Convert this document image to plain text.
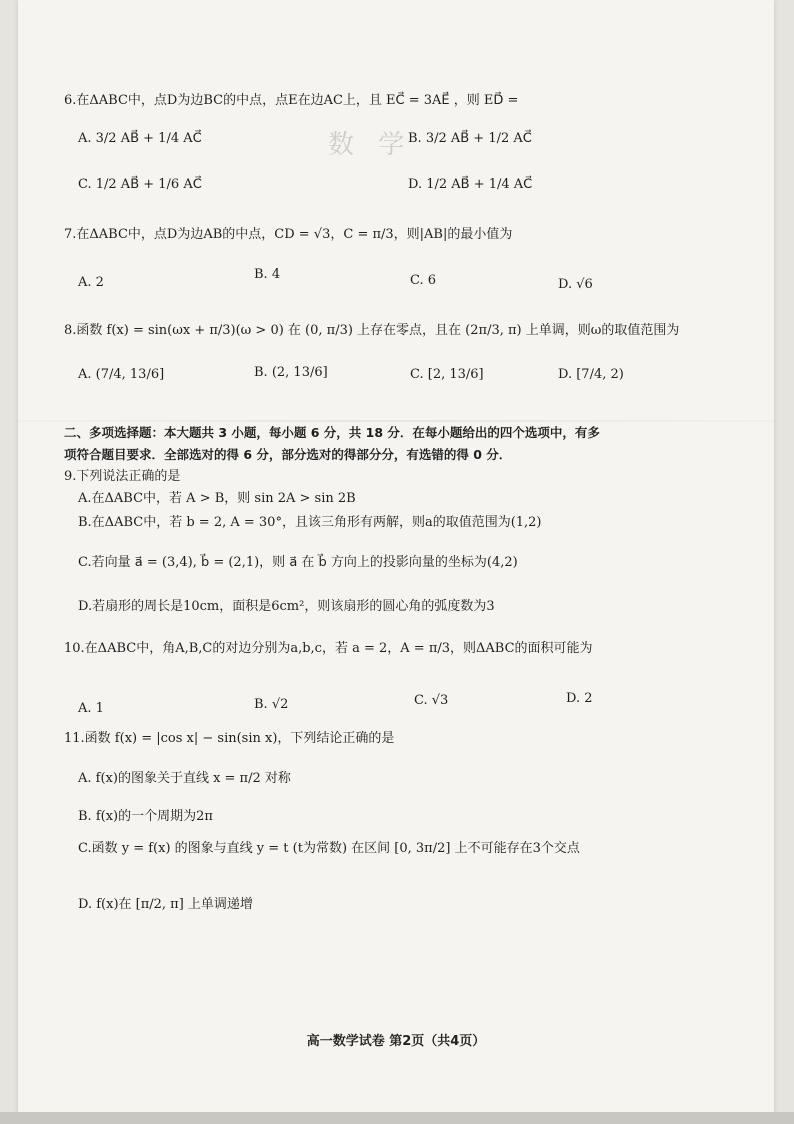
数 学
6.在ΔABC中，点D为边BC的中点，点E在边AC上，且 EC⃗ = 3AE⃗ ，则 ED⃗ =
A. 3/2 AB⃗ + 1/4 AC⃗	B. 3/2 AB⃗ + 1/2 AC⃗
C. 1/2 AB⃗ + 1/6 AC⃗	D. 1/2 AB⃗ + 1/4 AC⃗
7.在ΔABC中，点D为边AB的中点，CD = √3，C = π/3，则|AB|的最小值为
A. 2
B. 4	C. 6	D. √6
8.函数 f(x) = sin(ωx + π/3)(ω > 0) 在 (0, π/3) 上存在零点，且在 (2π/3, π) 上单调，则ω的取值范围为
A. (7/4, 13/6]	B. (2, 13/6]	C. [2, 13/6]	D. [7/4, 2)
二、多项选择题：本大题共 3 小题，每小题 6 分，共 18 分．在每小题给出的四个选项中，有多
项符合题目要求．全部选对的得 6 分，部分选对的得部分分，有选错的得 0 分．
9.下列说法正确的是
A.在ΔABC中，若 A > B，则 sin 2A > sin 2B
B.在ΔABC中，若 b = 2, A = 30°，且该三角形有两解，则a的取值范围为(1,2)
C.若向量 a⃗ = (3,4), b⃗ = (2,1)，则 a⃗ 在 b⃗ 方向上的投影向量的坐标为(4,2)
D.若扇形的周长是10cm，面积是6cm²，则该扇形的圆心角的弧度数为3
10.在ΔABC中，角A,B,C的对边分别为a,b,c，若 a = 2，A = π/3，则ΔABC的面积可能为
A. 1	B. √2	C. √3	D. 2
11.函数 f(x) = |cos x| − sin(sin x)，下列结论正确的是
A. f(x)的图象关于直线 x = π/2 对称
B. f(x)的一个周期为2π
C.函数 y = f(x) 的图象与直线 y = t (t为常数) 在区间 [0, 3π/2] 上不可能存在3个交点
D. f(x)在 [π/2, π] 上单调递增
高一数学试卷 第2页（共4页）
